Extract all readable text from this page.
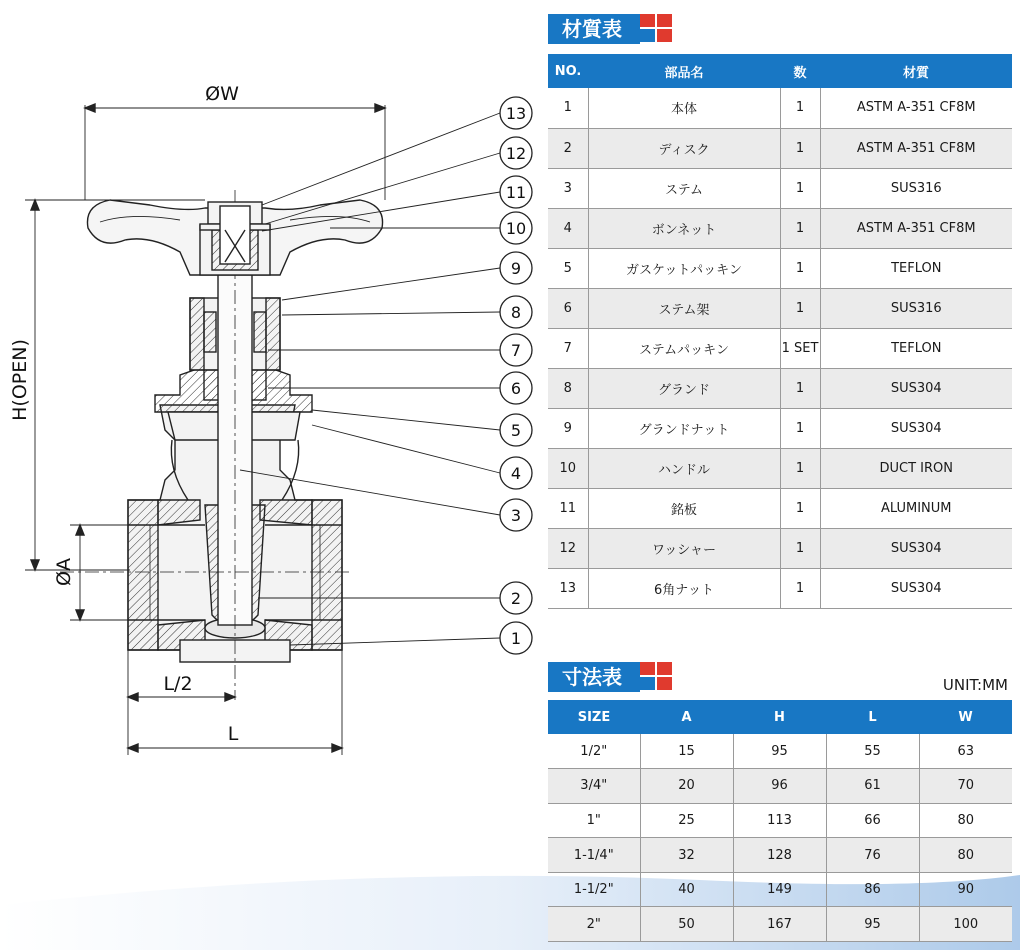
ØW
H(OPEN)
ØA
L/2
L
13
12
11
10
9
8
7
6
5
4
3
2
1
材質表
NO.	部品名	数	材質
1	本体	1	ASTM A-351 CF8M
2	ディスク	1	ASTM A-351 CF8M
3	ステム	1	SUS316
4	ボンネット	1	ASTM A-351 CF8M
5	ガスケットパッキン	1	TEFLON
6	ステム架	1	SUS316
7	ステムパッキン	1 SET	TEFLON
8	グランド	1	SUS304
9	グランドナット	1	SUS304
10	ハンドル	1	DUCT IRON
11	銘板	1	ALUMINUM
12	ワッシャー	1	SUS304
13	6角ナット	1	SUS304
寸法表	UNIT:MM
SIZE	A	H	L	W
1/2"	15	95	55	63
3/4"	20	96	61	70
1"	25	113	66	80
1-1/4"	32	128	76	80
1-1/2"	40	149	86	90
2"	50	167	95	100
